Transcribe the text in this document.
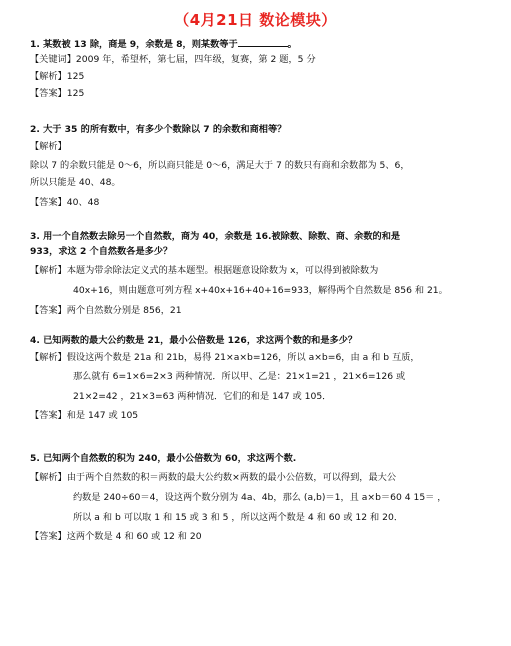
（4月21日 数论模块）
1. 某数被 13 除，商是 9，余数是 8，则某数等于	。
【关键词】2009 年，希望杯，第七届，四年级，复赛，第 2 题，5 分
【解析】125
【答案】125
2. 大于 35 的所有数中，有多少个数除以 7 的余数和商相等？
【解析】
除以 7 的余数只能是 0～6，所以商只能是 0～6，满足大于 7 的数只有商和余数都为 5、6，
所以只能是 40、48。
【答案】40、48
3. 用一个自然数去除另一个自然数，商为 40，余数是 16.被除数、除数、商、余数的和是
933，求这 2 个自然数各是多少？
【解析】本题为带余除法定义式的基本题型。根据题意设除数为 x，可以得到被除数为
40x+16，则由题意可列方程 x+40x+16+40+16=933，解得两个自然数是 856 和 21。
【答案】两个自然数分别是 856，21
4. 已知两数的最大公约数是 21，最小公倍数是 126，求这两个数的和是多少？
【解析】假设这两个数是 21a 和 21b，易得 21×a×b=126，所以 a×b=6，由 a 和 b 互质，
那么就有 6=1×6=2×3 两种情况．所以甲、乙是：21×1=21 ，21×6=126 或
21×2=42 ，21×3=63 两种情况．它们的和是 147 或 105．
【答案】和是 147 或 105
5. 已知两个自然数的积为 240，最小公倍数为 60，求这两个数.
【解析】由于两个自然数的积＝两数的最大公约数×两数的最小公倍数，可以得到，最大公
约数是 240÷60＝4，设这两个数分别为 4a、4b，那么 (a,b)＝1，且 a×b＝60 4 15＝ ，
所以 a 和 b 可以取 1 和 15 或 3 和 5 ，所以这两个数是 4 和 60 或 12 和 20．
【答案】这两个数是 4 和 60 或 12 和 20
